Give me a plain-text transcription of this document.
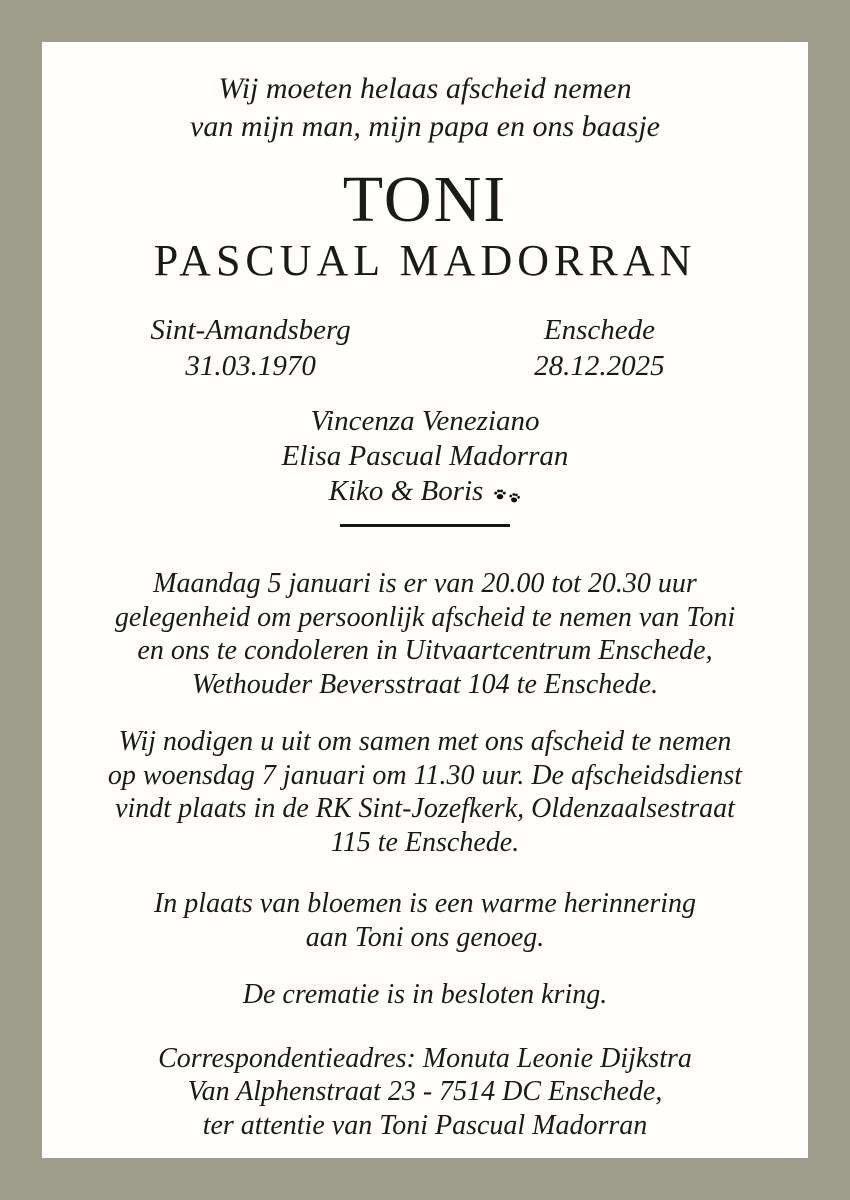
Wij moeten helaas afscheid nemen
van mijn man, mijn papa en ons baasje
TONI
PASCUAL MADORRAN
Sint-Amandsberg
31.03.1970
Enschede
28.12.2025
Vincenza Veneziano
Elisa Pascual Madorran
Kiko & Boris

Maandag 5 januari is er van 20.00 tot 20.30 uur
gelegenheid om persoonlijk afscheid te nemen van Toni
en ons te condoleren in Uitvaartcentrum Enschede,
Wethouder Beversstraat 104 te Enschede.

Wij nodigen u uit om samen met ons afscheid te nemen
op woensdag 7 januari om 11.30 uur. De afscheidsdienst
vindt plaats in de RK Sint-Jozefkerk, Oldenzaalsestraat
115 te Enschede.

In plaats van bloemen is een warme herinnering
aan Toni ons genoeg.

De crematie is in besloten kring.

Correspondentieadres: Monuta Leonie Dijkstra
Van Alphenstraat 23 - 7514 DC Enschede,
ter attentie van Toni Pascual Madorran
